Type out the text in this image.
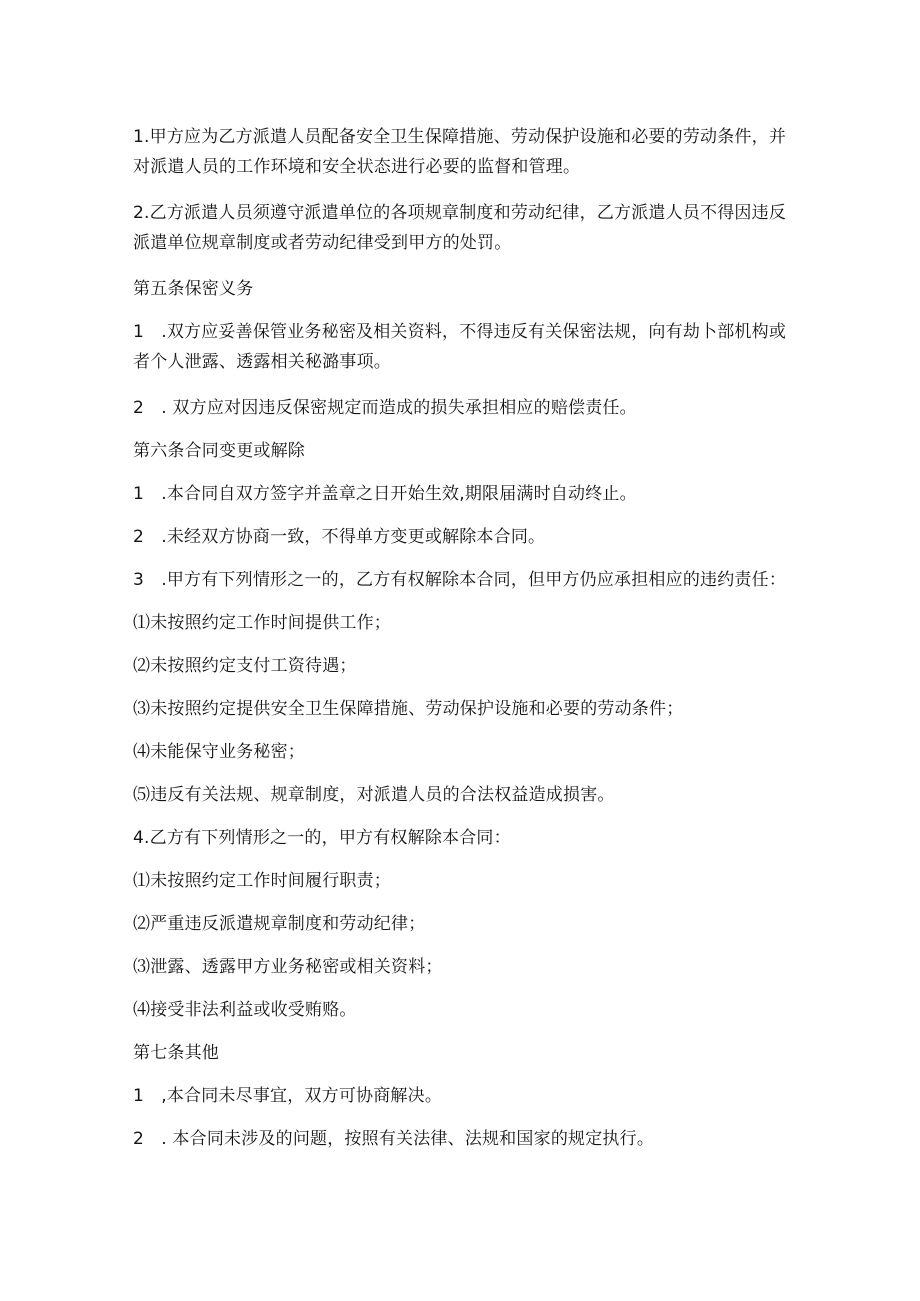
1.甲方应为乙方派遣人员配备安全卫生保障措施、劳动保护设施和必要的劳动条件，并对派遣人员的工作环境和安全状态进行必要的监督和管理。

2.乙方派遣人员须遵守派遣单位的各项规章制度和劳动纪律，乙方派遣人员不得因违反派遣单位规章制度或者劳动纪律受到甲方的处罚。

第五条保密义务

1　.双方应妥善保管业务秘密及相关资料，不得违反有关保密法规，向有劫卜部机构或者个人泄露、透露相关秘潞事项。

2　. 双方应对因违反保密规定而造成的损失承担相应的赔偿责任。

第六条合同变更或解除

1　.本合同自双方签字并盖章之日开始生效,期限届满时自动终止。

2　.未经双方协商一致，不得单方变更或解除本合同。

3　.甲方有下列情形之一的，乙方有权解除本合同，但甲方仍应承担相应的违约责任：

⑴未按照约定工作时间提供工作；

⑵未按照约定支付工资待遇；

⑶未按照约定提供安全卫生保障措施、劳动保护设施和必要的劳动条件；

⑷未能保守业务秘密；

⑸违反有关法规、规章制度，对派遣人员的合法权益造成损害。

4.乙方有下列情形之一的，甲方有权解除本合同：

⑴未按照约定工作时间履行职责；

⑵严重违反派遣规章制度和劳动纪律；

⑶泄露、透露甲方业务秘密或相关资料；

⑷接受非法利益或收受贿赂。

第七条其他

1　,本合同未尽事宜，双方可协商解决。

2　. 本合同未涉及的问题，按照有关法律、法规和国家的规定执行。
